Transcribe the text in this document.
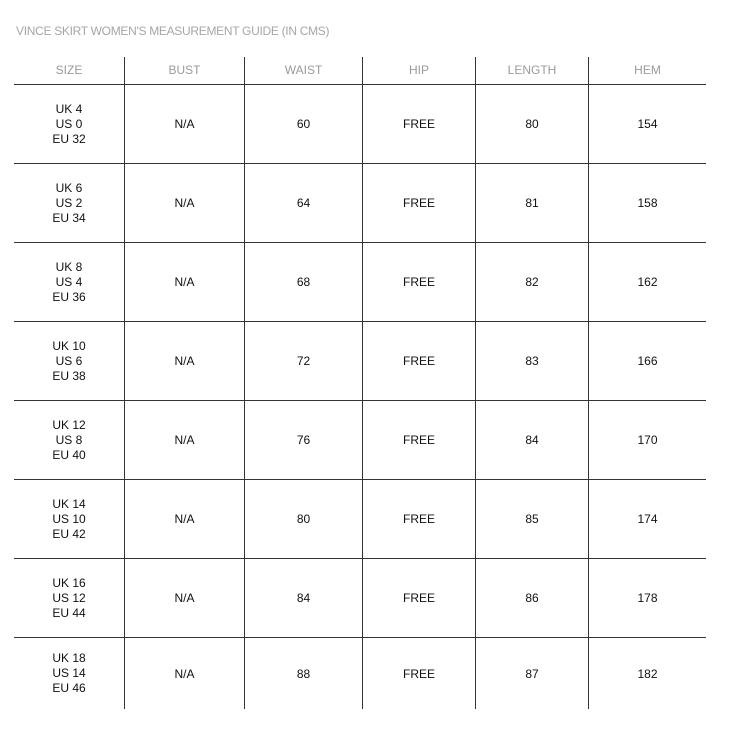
VINCE SKIRT WOMEN'S MEASUREMENT GUIDE (IN CMS)
SIZE	BUST	WAIST	HIP	LENGTH	HEM
UK 4
US 0
EU 32
N/A	60	FREE	80	154
UK 6
US 2
EU 34
N/A	64	FREE	81	158
UK 8
US 4
EU 36
N/A	68	FREE	82	162
UK 10
US 6
EU 38
N/A	72	FREE	83	166
UK 12
US 8
EU 40
N/A	76	FREE	84	170
UK 14
US 10
EU 42
N/A	80	FREE	85	174
UK 16
US 12
EU 44
N/A	84	FREE	86	178
UK 18
US 14
EU 46
N/A	88	FREE	87	182
